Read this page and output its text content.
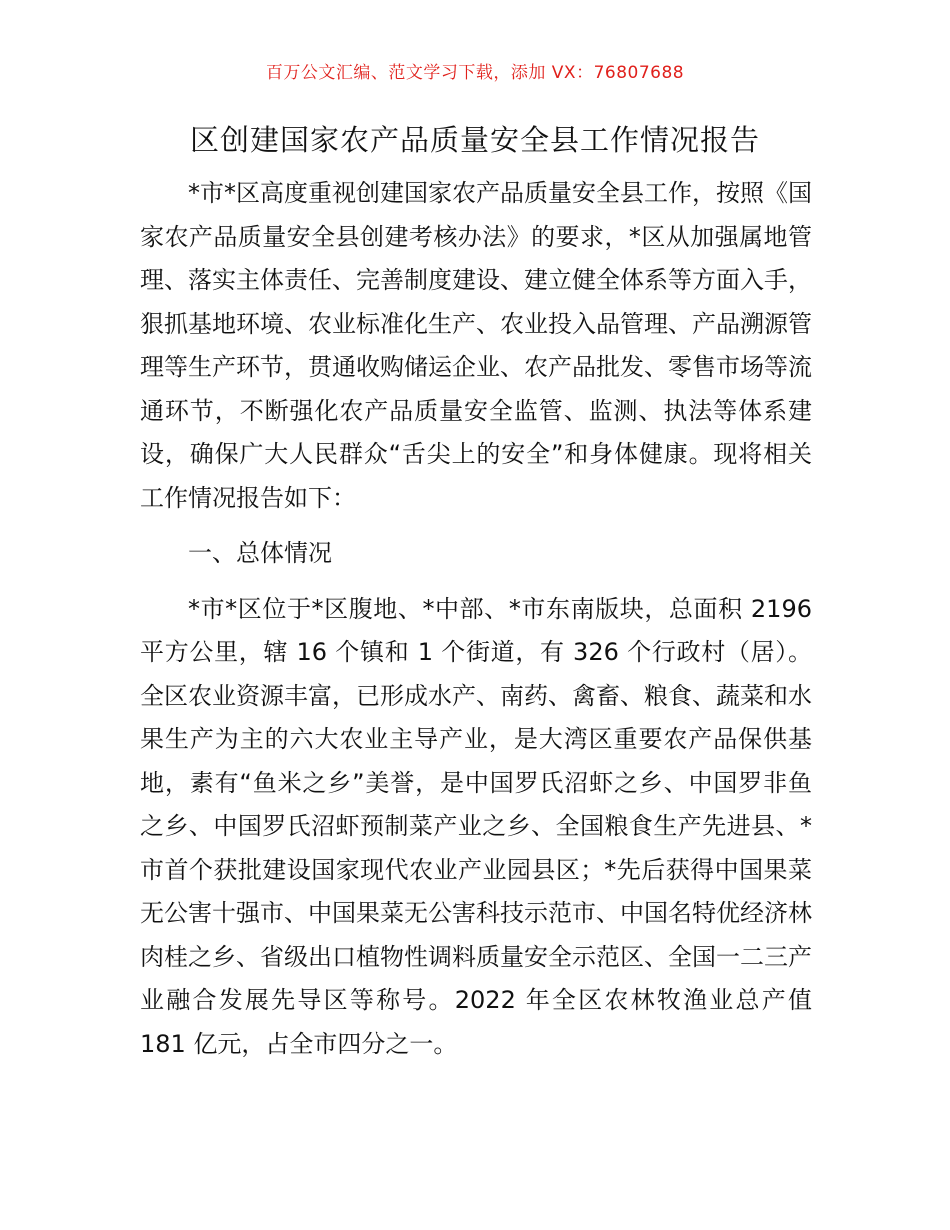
百万公文汇编、范文学习下载，添加 VX：76807688
区创建国家农产品质量安全县工作情况报告

*市*区高度重视创建国家农产品质量安全县工作，按照《国家农产品质量安全县创建考核办法》的要求，*区从加强属地管理、落实主体责任、完善制度建设、建立健全体系等方面入手，狠抓基地环境、农业标准化生产、农业投入品管理、产品溯源管理等生产环节，贯通收购储运企业、农产品批发、零售市场等流通环节，不断强化农产品质量安全监管、监测、执法等体系建设，确保广大人民群众“舌尖上的安全”和身体健康。现将相关工作情况报告如下：

一、总体情况

*市*区位于*区腹地、*中部、*市东南版块，总面积 2196 平方公里，辖 16 个镇和 1 个街道，有 326 个行政村（居）。全区农业资源丰富，已形成水产、南药、禽畜、粮食、蔬菜和水果生产为主的六大农业主导产业，是大湾区重要农产品保供基地，素有“鱼米之乡”美誉，是中国罗氏沼虾之乡、中国罗非鱼之乡、中国罗氏沼虾预制菜产业之乡、全国粮食生产先进县、*市首个获批建设国家现代农业产业园县区；*先后获得中国果菜无公害十强市、中国果菜无公害科技示范市、中国名特优经济林肉桂之乡、省级出口植物性调料质量安全示范区、全国一二三产业融合发展先导区等称号。2022 年全区农林牧渔业总产值 181 亿元，占全市四分之一。
